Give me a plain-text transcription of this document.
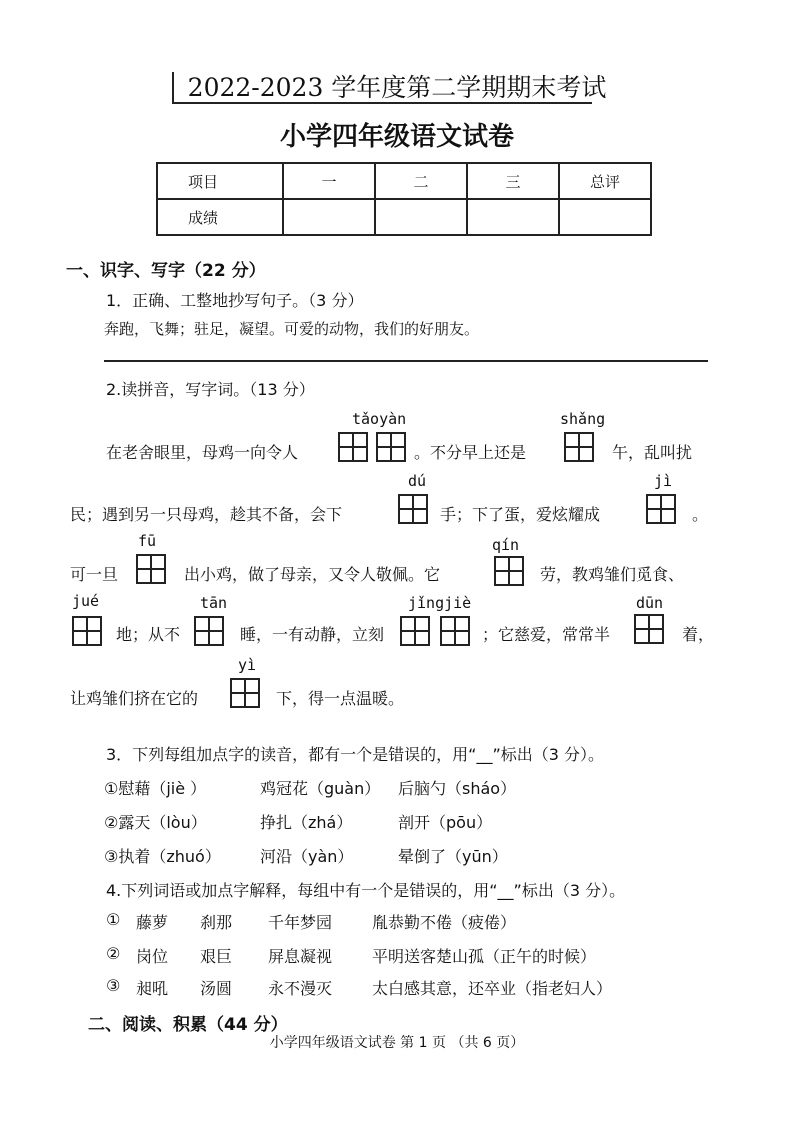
2022-2023 学年度第二学期期末考试
小学四年级语文试卷
项目	一	二	三	总评
成绩				
一、识字、写字（22 分）
1．正确、工整地抄写句子。（3 分）
奔跑，飞舞；驻足，凝望。可爱的动物，我们的好朋友。
2.读拼音，写字词。（13 分）
tǎoyàn	shǎng
在老舍眼里，母鸡一向令人	。不分早上还是	午，乱叫扰
dú	jì
民；遇到另一只母鸡，趁其不备，会下	手；下了蛋，爱炫耀成	。
fū	qín
可一旦	出小鸡，做了母亲，又令人敬佩。它	劳，教鸡雏们觅食、
jué	tān	jǐngjiè	dūn
地；从不	睡，一有动静，立刻	；它慈爱，常常半	着，
yì
让鸡雏们挤在它的	下，得一点温暖。
3．下列每组加点字的读音，都有一个是错误的，用“__”标出（3 分）。
①慰藉（jiè ）	鸡冠花（guàn） 后脑勺（sháo）
②露天（lòu）	挣扎（zhá）	剖开（pōu）
③执着（zhuó） 河沿（yàn）	晕倒了（yūn）
4.下列词语或加点字解释，每组中有一个是错误的，用“__”标出（3 分）。
① 藤萝 刹那 千年梦园 胤恭勤不倦（疲倦）
② 岗位 艰巨 屏息凝视 平明送客楚山孤（正午的时候）
③ 昶吼 汤圆 永不漫灭 太白感其意，还卒业（指老妇人）
二、阅读、积累（44 分）
小学四年级语文试卷 第 1 页 （共 6 页）
